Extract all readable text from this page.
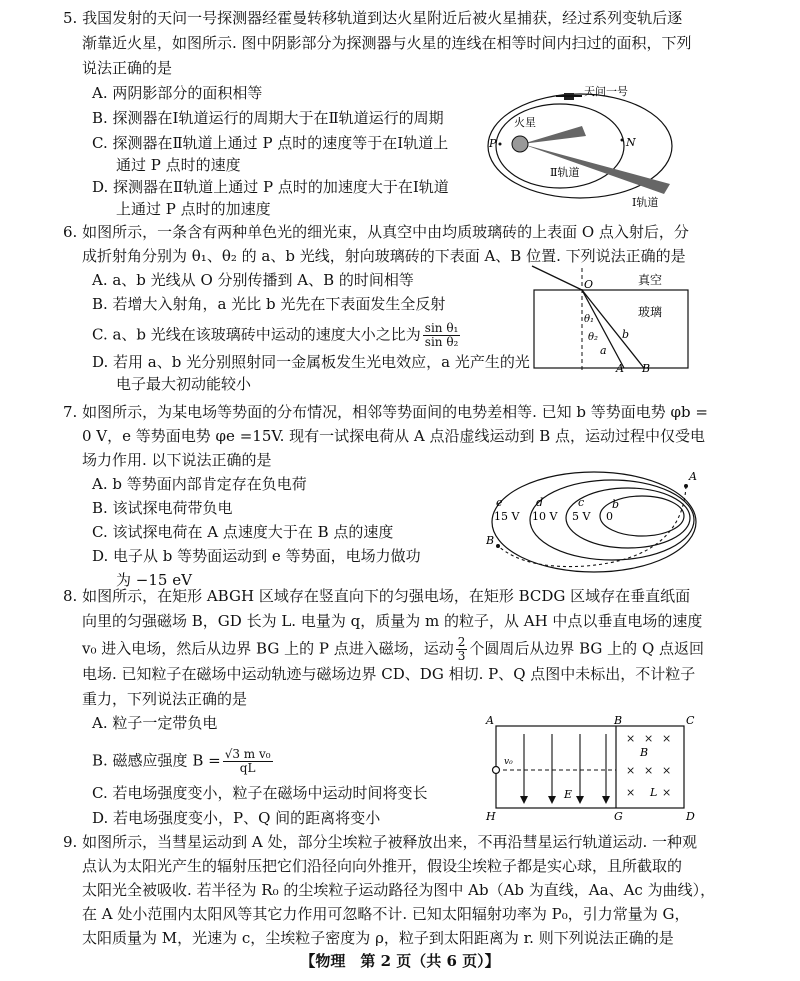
5. 我国发射的天问一号探测器经霍曼转移轨道到达火星附近后被火星捕获，经过系列变轨后逐
渐靠近火星，如图所示. 图中阴影部分为探测器与火星的连线在相等时间内扫过的面积，下列
说法正确的是
A. 两阴影部分的面积相等
B. 探测器在Ⅰ轨道运行的周期大于在Ⅱ轨道运行的周期
C. 探测器在Ⅱ轨道上通过 P 点时的速度等于在Ⅰ轨道上
通过 P 点时的速度
D. 探测器在Ⅱ轨道上通过 P 点时的加速度大于在Ⅰ轨道
上通过 P 点时的加速度
天问一号
火星
P	N
Ⅱ轨道
Ⅰ轨道
6. 如图所示，一条含有两种单色光的细光束，从真空中由均质玻璃砖的上表面 O 点入射后，分
成折射角分别为 θ₁、θ₂ 的 a、b 光线，射向玻璃砖的下表面 A、B 位置. 下列说法正确的是
A. a、b 光线从 O 分别传播到 A、B 的时间相等
B. 若增大入射角，a 光比 b 光先在下表面发生全反射
C. a、b 光线在该玻璃砖中运动的速度大小之比为 $\frac{\text{sin θ₁}}{\text{sin θ₂}}$
D. 若用 a、b 光分别照射同一金属板发生光电效应，a 光产生的光
电子最大初动能较小
O	真空
玻璃
θ₁
θ₂
a
b
A B
7. 如图所示，为某电场等势面的分布情况，相邻等势面间的电势差相等. 已知 b 等势面电势 φb =
0 V，e 等势面电势 φe =15V. 现有一试探电荷从 A 点沿虚线运动到 B 点，运动过程中仅受电
场力作用. 以下说法正确的是
A. b 等势面内部肯定存在负电荷
B. 该试探电荷带负电
C. 该试探电荷在 A 点速度大于在 B 点的速度
D. 电子从 b 等势面运动到 e 等势面，电场力做功
为 −15 eV
A
B
e
15 V
d
10 V
c
5 V
b
0
8. 如图所示，在矩形 ABGH 区域存在竖直向下的匀强电场，在矩形 BCDG 区域存在垂直纸面
向里的匀强磁场 B，GD 长为 L. 电量为 q，质量为 m 的粒子，从 AH 中点以垂直电场的速度
v₀ 进入电场，然后从边界 BG 上的 P 点进入磁场，运动 $\frac{2}{3}$ 个圆周后从边界 BG 上的 Q 点返回
电场. 已知粒子在磁场中运动轨迹与磁场边界 CD、DG 相切. P、Q 点图中未标出，不计粒子
重力，下列说法正确的是
A. 粒子一定带负电
B. 磁感应强度 $B = \frac{\text{√3 m v₀}}{qL}$
C. 若电场强度变小，粒子在磁场中运动时间将变长
D. 若电场强度变小，P、Q 间的距离将变小
× × ×
× × ×
× ×
A	B	C
D
G
H
v₀
E
B
L
9. 如图所示，当彗星运动到 A 处，部分尘埃粒子被释放出来，不再沿彗星运行轨道运动. 一种观
点认为太阳光产生的辐射压把它们沿径向向外推开，假设尘埃粒子都是实心球，且所截取的
太阳光全被吸收. 若半径为 R₀ 的尘埃粒子运动路径为图中 Ab（Ab 为直线，Aa、Ac 为曲线），
在 A 处小范围内太阳风等其它力作用可忽略不计. 已知太阳辐射功率为 P₀，引力常量为 G，
太阳质量为 M，光速为 c，尘埃粒子密度为 ρ，粒子到太阳距离为 r. 则下列说法正确的是
【物理　第 2 页（共 6 页）】
